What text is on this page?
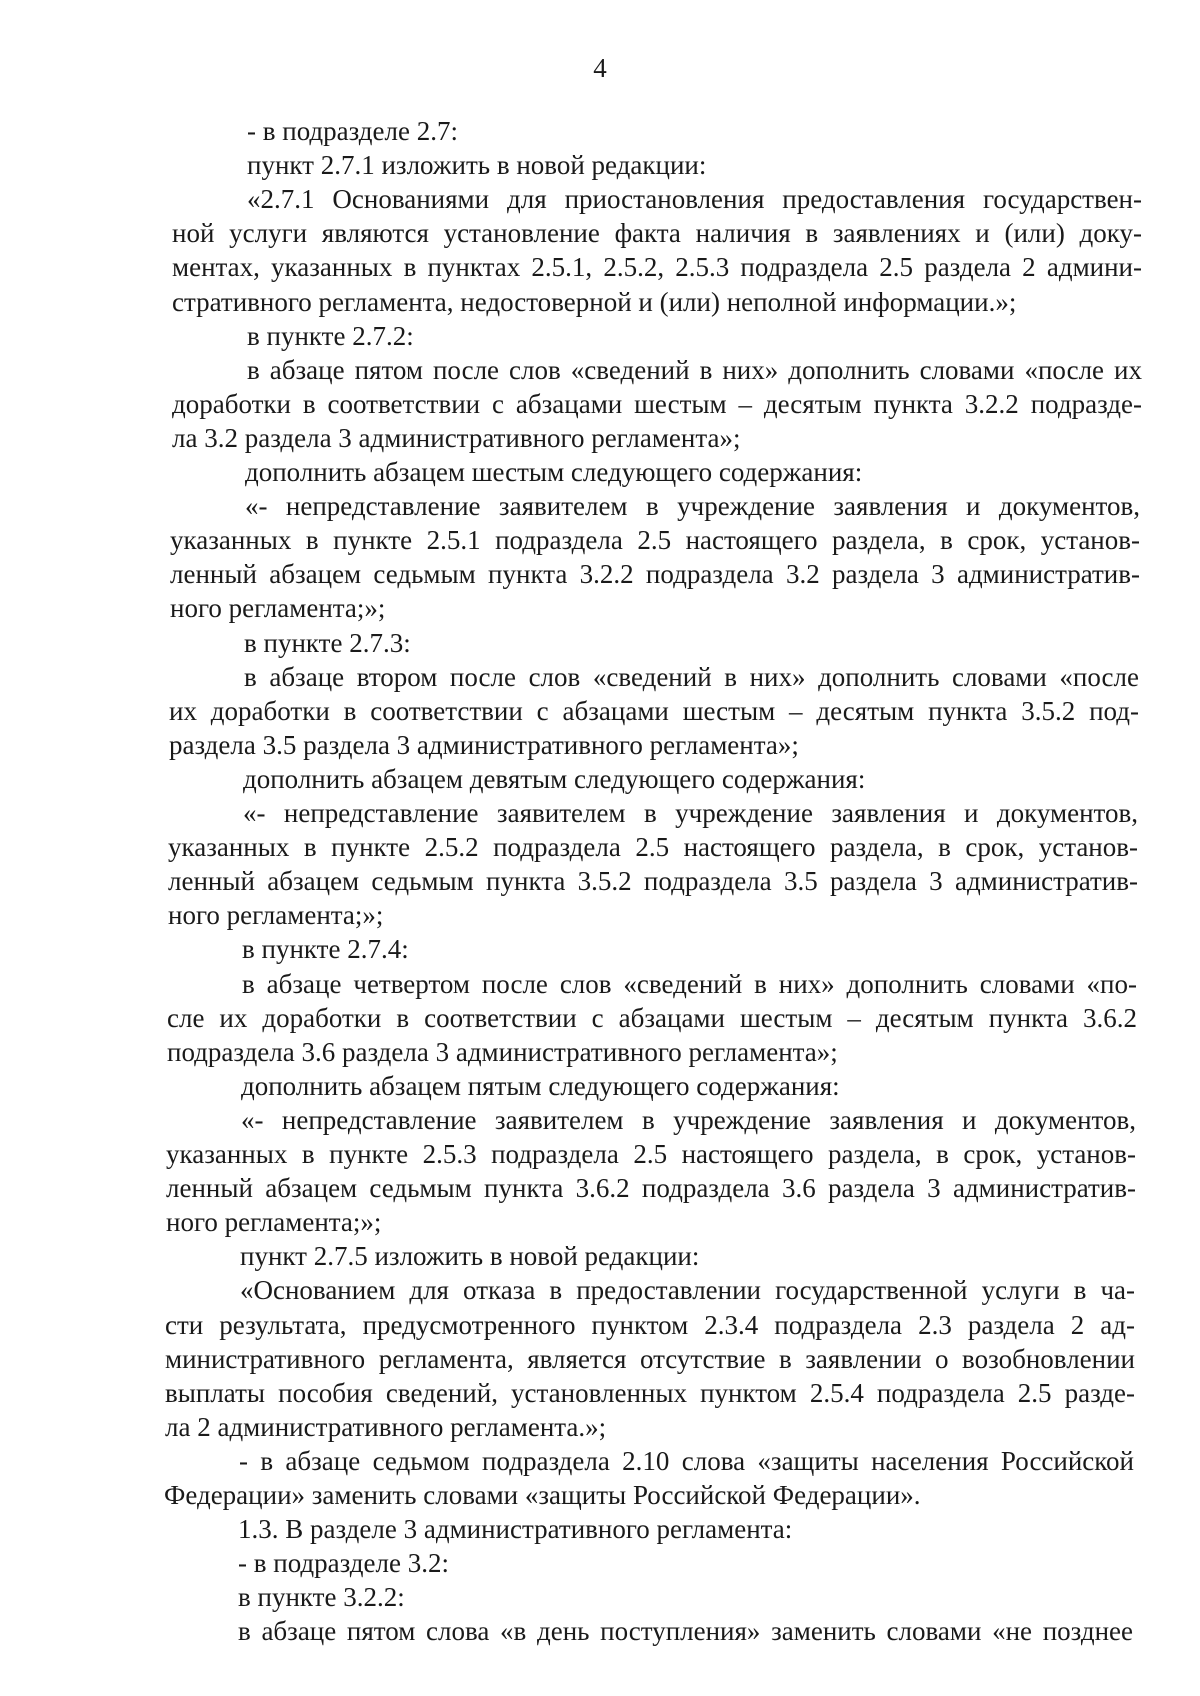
4
- в подразделе 2.7:
пункт 2.7.1 изложить в новой редакции:
«2.7.1 Основаниями для приостановления предоставления государствен-
ной услуги являются установление факта наличия в заявлениях и (или) доку-
ментах, указанных в пунктах 2.5.1, 2.5.2, 2.5.3 подраздела 2.5 раздела 2 админи-
стративного регламента, недостоверной и (или) неполной информации.»;
в пункте 2.7.2:
в абзаце пятом после слов «сведений в них» дополнить словами «после их
доработки в соответствии с абзацами шестым – десятым пункта 3.2.2 подразде-
ла 3.2 раздела 3 административного регламента»;
дополнить абзацем шестым следующего содержания:
«- непредставление заявителем в учреждение заявления и документов,
указанных в пункте 2.5.1 подраздела 2.5 настоящего раздела, в срок, установ-
ленный абзацем седьмым пункта 3.2.2 подраздела 3.2 раздела 3 административ-
ного регламента;»;
в пункте 2.7.3:
в абзаце втором после слов «сведений в них» дополнить словами «после
их доработки в соответствии с абзацами шестым – десятым пункта 3.5.2 под-
раздела 3.5 раздела 3 административного регламента»;
дополнить абзацем девятым следующего содержания:
«- непредставление заявителем в учреждение заявления и документов,
указанных в пункте 2.5.2 подраздела 2.5 настоящего раздела, в срок, установ-
ленный абзацем седьмым пункта 3.5.2 подраздела 3.5 раздела 3 административ-
ного регламента;»;
в пункте 2.7.4:
в абзаце четвертом после слов «сведений в них» дополнить словами «по-
сле их доработки в соответствии с абзацами шестым – десятым пункта 3.6.2
подраздела 3.6 раздела 3 административного регламента»;
дополнить абзацем пятым следующего содержания:
«- непредставление заявителем в учреждение заявления и документов,
указанных в пункте 2.5.3 подраздела 2.5 настоящего раздела, в срок, установ-
ленный абзацем седьмым пункта 3.6.2 подраздела 3.6 раздела 3 административ-
ного регламента;»;
пункт 2.7.5 изложить в новой редакции:
«Основанием для отказа в предоставлении государственной услуги в ча-
сти результата, предусмотренного пунктом 2.3.4 подраздела 2.3 раздела 2 ад-
министративного регламента, является отсутствие в заявлении о возобновлении
выплаты пособия сведений, установленных пунктом 2.5.4 подраздела 2.5 разде-
ла 2 административного регламента.»;
- в абзаце седьмом подраздела 2.10 слова «защиты населения Российской
Федерации» заменить словами «защиты Российской Федерации».
1.3. В разделе 3 административного регламента:
- в подразделе 3.2:
в пункте 3.2.2:
в абзаце пятом слова «в день поступления» заменить словами «не позднее
